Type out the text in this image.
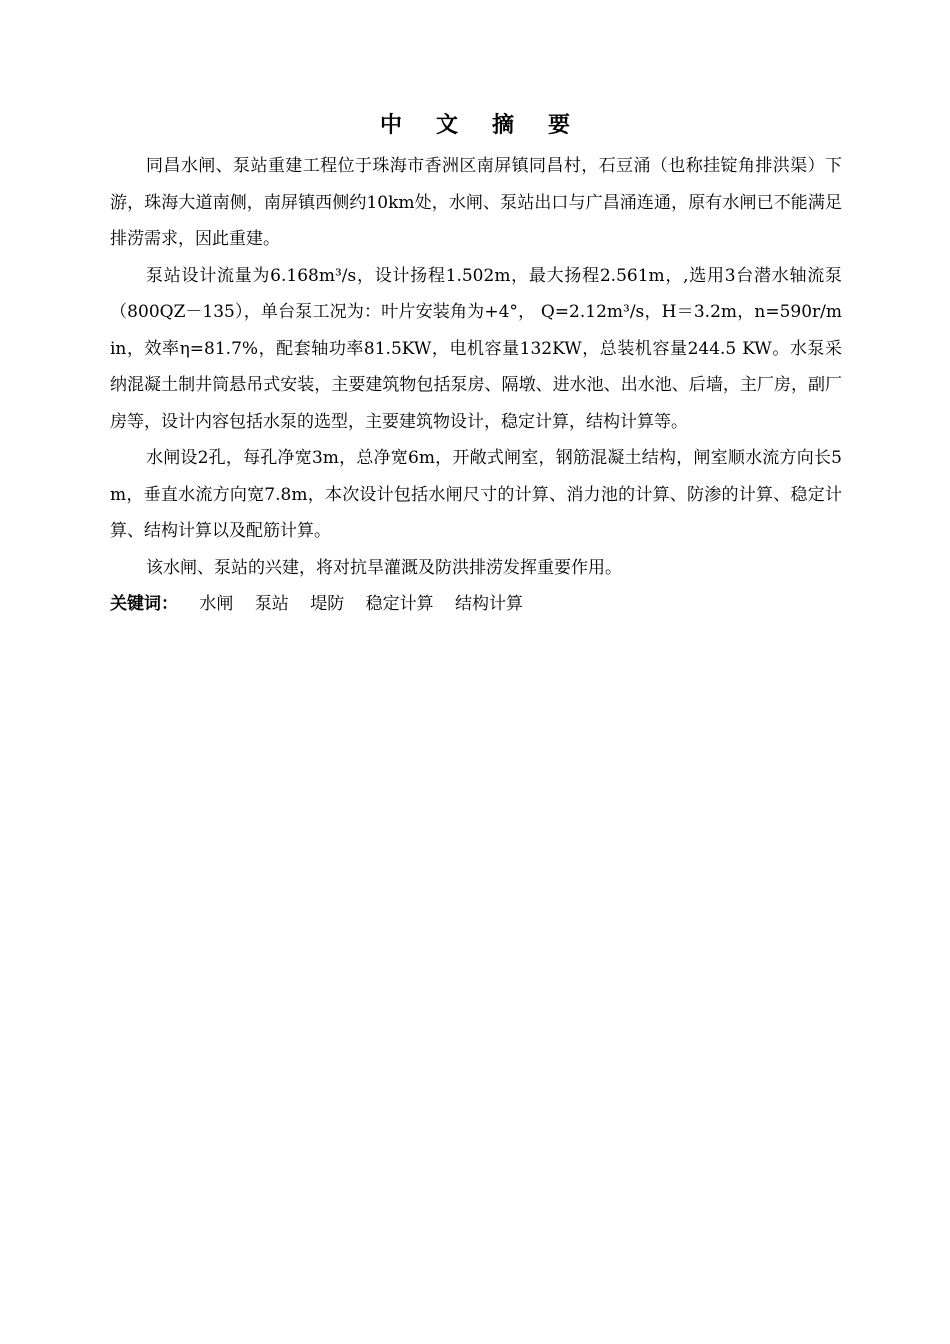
中文摘要

同昌水闸、泵站重建工程位于珠海市香洲区南屏镇同昌村，石豆涌（也称挂锭角排洪渠）下游，珠海大道南侧，南屏镇西侧约10km处，水闸、泵站出口与广昌涌连通，原有水闸已不能满足排涝需求，因此重建。

泵站设计流量为6.168m³/s，设计扬程1.502m，最大扬程2.561m，,选用3台潜水轴流泵（800QZ－135），单台泵工况为：叶片安装角为+4°， Q=2.12m³/s，H＝3.2m，n=590r/min，效率η=81.7%，配套轴功率81.5KW，电机容量132KW，总装机容量244.5 KW。水泵采纳混凝土制井筒悬吊式安装，主要建筑物包括泵房、隔墩、进水池、出水池、后墙，主厂房，副厂房等，设计内容包括水泵的选型，主要建筑物设计，稳定计算，结构计算等。

水闸设2孔，每孔净宽3m，总净宽6m，开敞式闸室，钢筋混凝土结构，闸室顺水流方向长5m，垂直水流方向宽7.8m，本次设计包括水闸尺寸的计算、消力池的计算、防渗的计算、稳定计算、结构计算以及配筋计算。

该水闸、泵站的兴建，将对抗旱灌溉及防洪排涝发挥重要作用。

关键词： 水闸 泵站 堤防 稳定计算 结构计算
